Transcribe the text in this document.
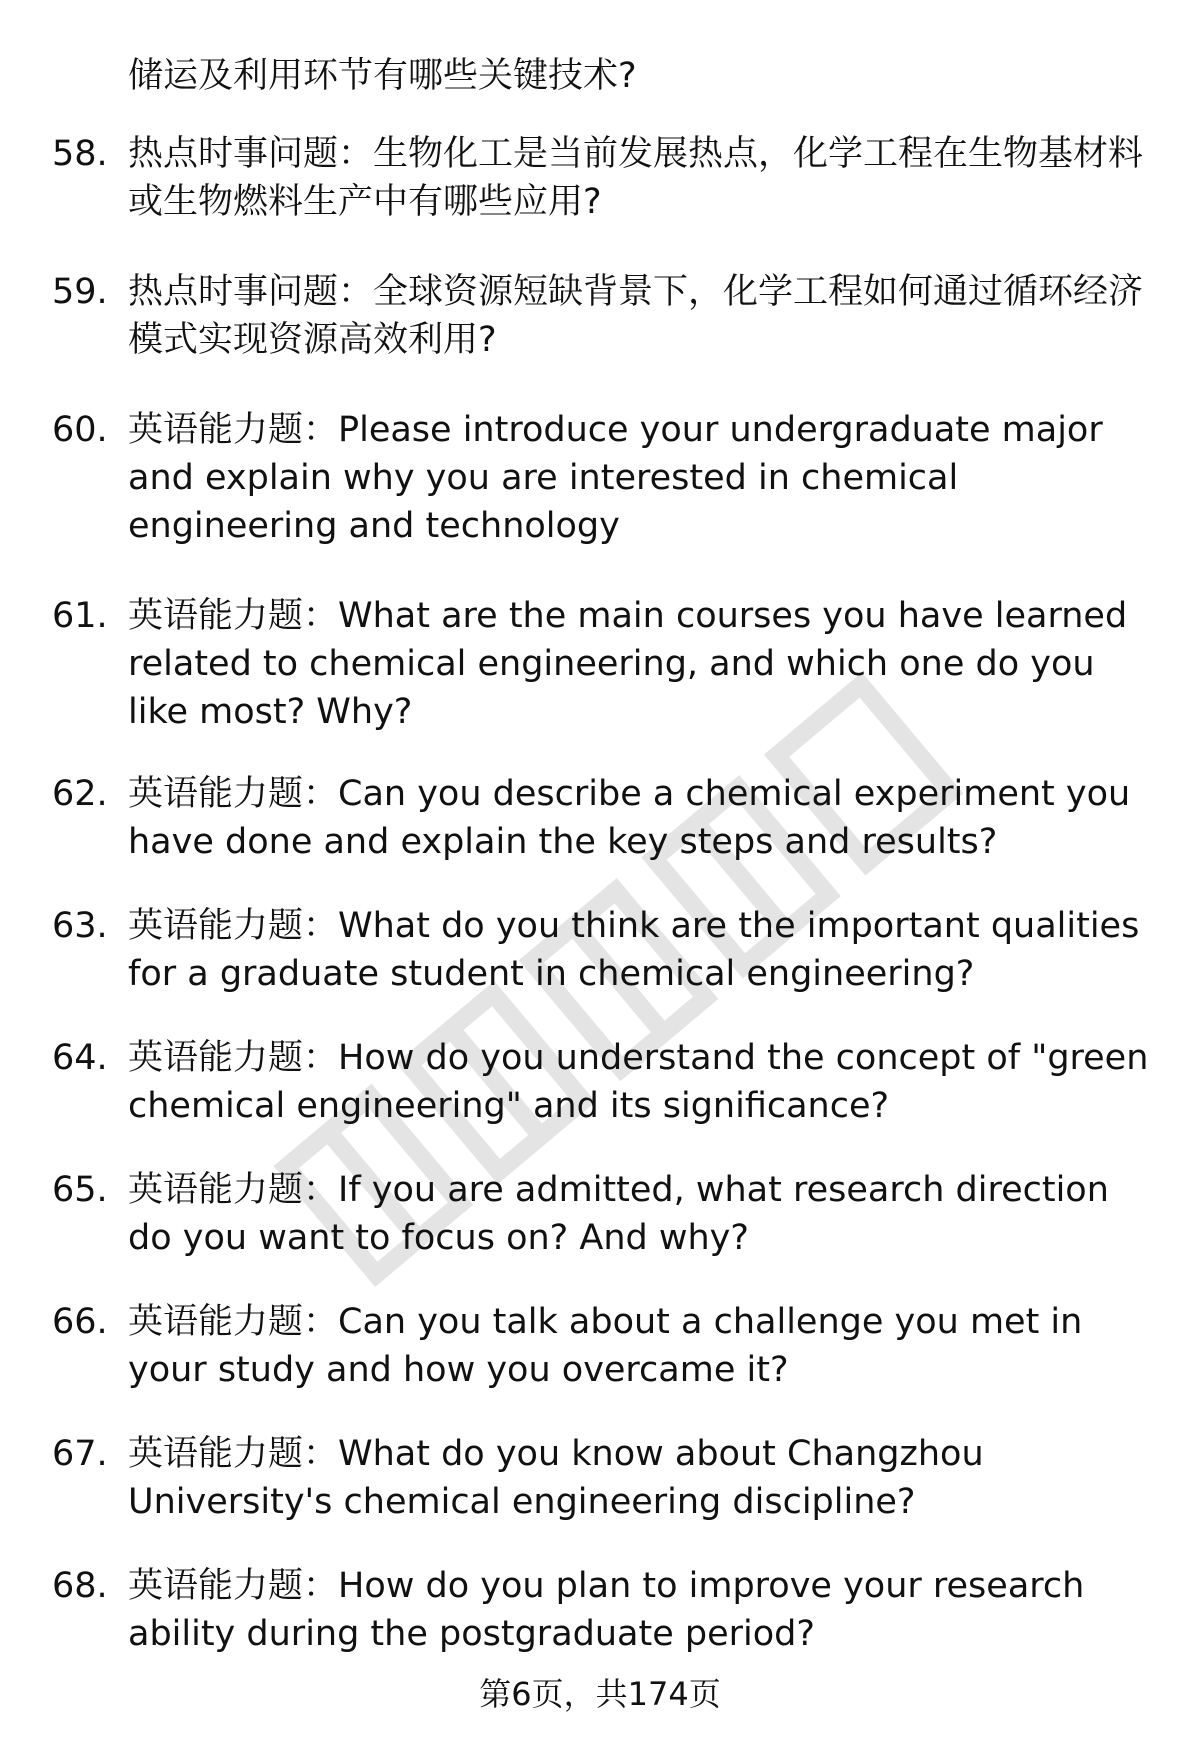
储运及利用环节有哪些关键技术?
58. 热点时事问题：生物化工是当前发展热点，化学工程在生物基材料或生物燃料生产中有哪些应用?
59. 热点时事问题：全球资源短缺背景下，化学工程如何通过循环经济模式实现资源高效利用?
60. 英语能力题：Please introduce your undergraduate major and explain why you are interested in chemical engineering and technology
61. 英语能力题：What are the main courses you have learned related to chemical engineering, and which one do you like most? Why?
62. 英语能力题：Can you describe a chemical experiment you have done and explain the key steps and results?
63. 英语能力题：What do you think are the important qualities for a graduate student in chemical engineering?
64. 英语能力题：How do you understand the concept of "green chemical engineering" and its significance?
65. 英语能力题：If you are admitted, what research direction do you want to focus on? And why?
66. 英语能力题：Can you talk about a challenge you met in your study and how you overcame it?
67. 英语能力题：What do you know about Changzhou University's chemical engineering discipline?
68. 英语能力题：How do you plan to improve your research ability during the postgraduate period?
第6页，共174页
